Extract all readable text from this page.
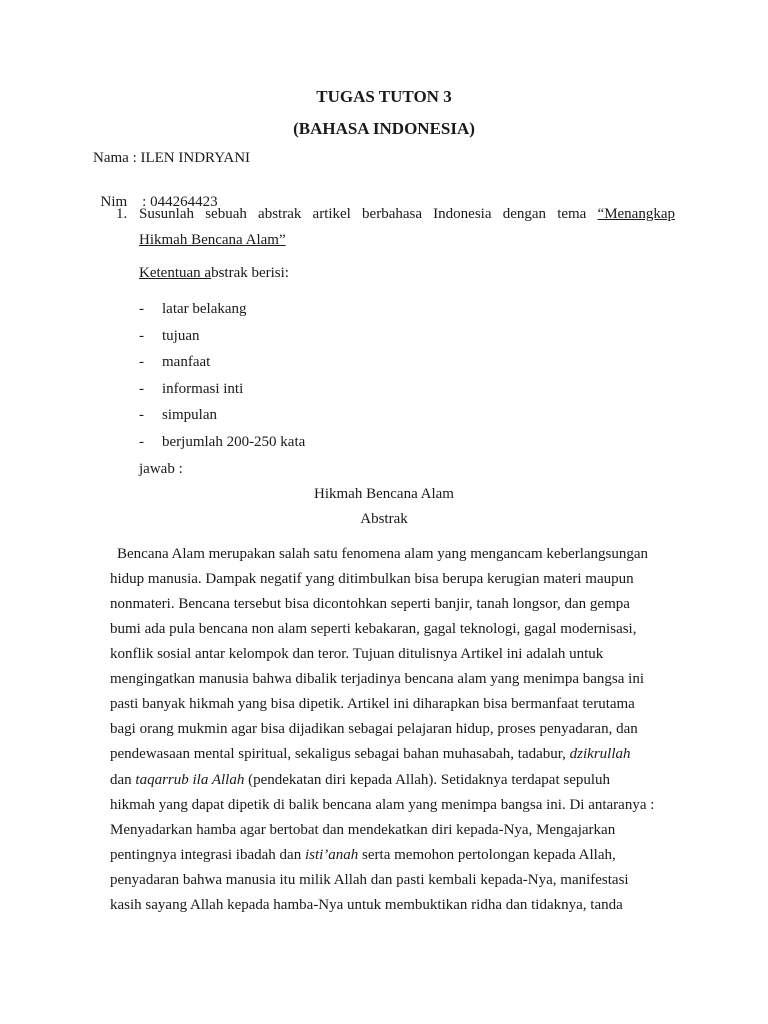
TUGAS TUTON 3
(BAHASA INDONESIA)
Nama : ILEN INDRYANI

Nim    : 044264423

1. Susunlah sebuah abstrak artikel berbahasa Indonesia dengan tema “Menangkap
Hikmah Bencana Alam”
Ketentuan abstrak berisi:
-	latar belakang
-	tujuan
-	manfaat
-	informasi inti
-	simpulan
-	berjumlah 200-250 kata
jawab :
Hikmah Bencana Alam
Abstrak
Bencana Alam merupakan salah satu fenomena alam yang mengancam keberlangsungan
hidup manusia. Dampak negatif yang ditimbulkan bisa berupa kerugian materi maupun
nonmateri. Bencana tersebut bisa dicontohkan seperti banjir, tanah longsor, dan gempa
bumi ada pula bencana non alam seperti kebakaran, gagal teknologi, gagal modernisasi,
konflik sosial antar kelompok dan teror. Tujuan ditulisnya Artikel ini adalah untuk
mengingatkan manusia bahwa dibalik terjadinya bencana alam yang menimpa bangsa ini
pasti banyak hikmah yang bisa dipetik. Artikel ini diharapkan bisa bermanfaat terutama
bagi orang mukmin agar bisa dijadikan sebagai pelajaran hidup, proses penyadaran, dan
pendewasaan mental spiritual, sekaligus sebagai bahan muhasabah, tadabur, dzikrullah
dan taqarrub ila Allah (pendekatan diri kepada Allah). Setidaknya terdapat sepuluh
hikmah yang dapat dipetik di balik bencana alam yang menimpa bangsa ini. Di antaranya :
Menyadarkan hamba agar bertobat dan mendekatkan diri kepada-Nya, Mengajarkan
pentingnya integrasi ibadah dan isti’anah serta memohon pertolongan kepada Allah,
penyadaran bahwa manusia itu milik Allah dan pasti kembali kepada-Nya, manifestasi
kasih sayang Allah kepada hamba-Nya untuk membuktikan ridha dan tidaknya, tanda
